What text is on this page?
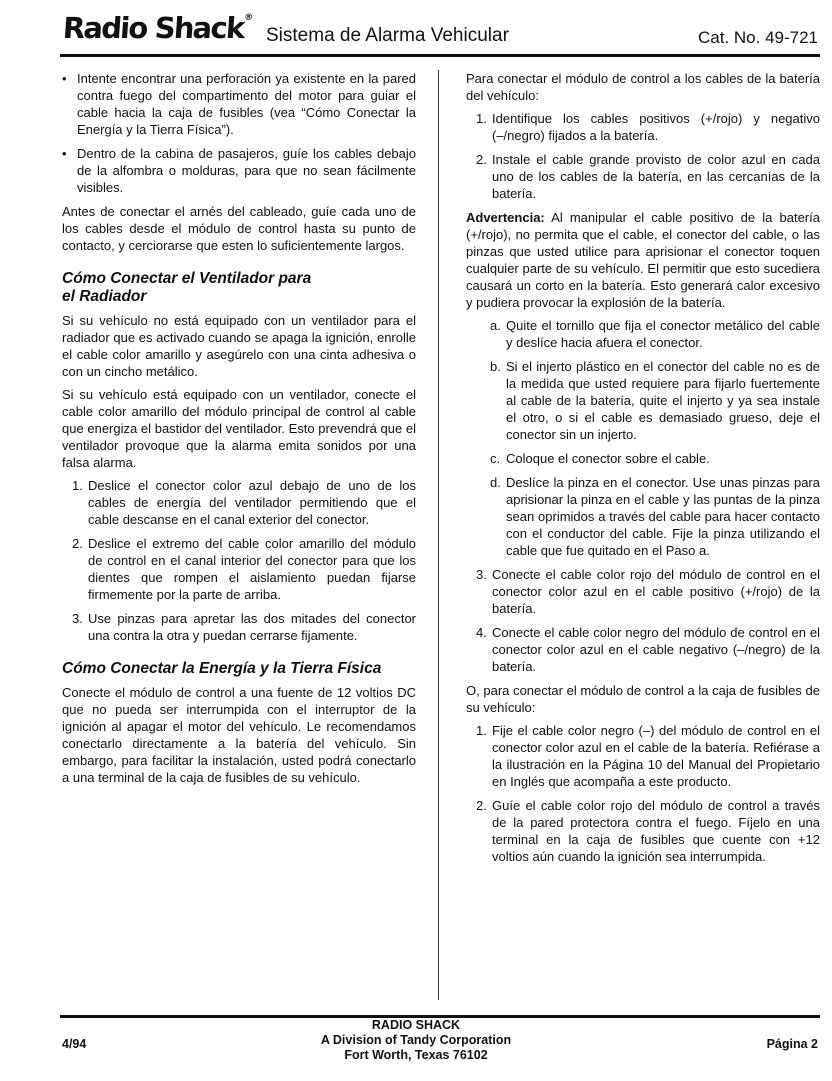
Radio Shack®
Sistema de Alarma Vehicular	Cat. No. 49-721
• Intente encontrar una perforación ya existente en la pared contra fuego del compartimento del motor para guiar el cable hacia la caja de fusibles (vea “Cómo Conectar la Energía y la Tierra Física”).
• Dentro de la cabina de pasajeros, guíe los cables debajo de la alfombra o molduras, para que no sean fácilmente visibles.

Antes de conectar el arnés del cableado, guíe cada uno de los cables desde el módulo de control hasta su punto de contacto, y cerciorarse que esten lo suficientemente largos.

Cómo Conectar el Ventilador para
el Radiador

Si su vehículo no está equipado con un ventilador para el radiador que es activado cuando se apaga la ignición, enrolle el cable color amarillo y asegúrelo con una cinta adhesiva o con un cincho metálico.

Si su vehículo está equipado con un ventilador, conecte el cable color amarillo del módulo principal de control al cable que energiza el bastidor del ventilador. Esto prevendrá que el ventilador provoque que la alarma emita sonidos por una falsa alarma.

1. Deslice el conector color azul debajo de uno de los cables de energía del ventilador permitiendo que el cable descanse en el canal exterior del conector.
2. Deslice el extremo del cable color amarillo del módulo de control en el canal interior del conector para que los dientes que rompen el aislamiento puedan fijarse firmemente por la parte de arriba.
3. Use pinzas para apretar las dos mitades del conector una contra la otra y puedan cerrarse fijamente.
Cómo Conectar la Energía y la Tierra Física

Conecte el módulo de control a una fuente de 12 voltios DC que no pueda ser interrumpida con el interruptor de la ignición al apagar el motor del vehículo. Le recomendamos conectarlo directamente a la batería del vehículo. Sin embargo, para facilitar la instalación, usted podrá conectarlo a una terminal de la caja de fusibles de su vehículo.

Para conectar el módulo de control a los cables de la batería del vehículo:

1. Identifique los cables positivos (+/rojo) y negativo (–/negro) fijados a la batería.
2. Instale el cable grande provisto de color azul en cada uno de los cables de la batería, en las cercanías de la batería.

Advertencia: Al manipular el cable positivo de la batería (+/rojo), no permita que el cable, el conector del cable, o las pinzas que usted utilice para aprisionar el conector toquen cualquier parte de su vehículo. El permitir que esto sucediera causará un corto en la batería. Esto generará calor excesivo y pudiera provocar la explosión de la batería.

a. Quite el tornillo que fija el conector metálico del cable y deslíce hacia afuera el conector.
b. Si el injerto plástico en el conector del cable no es de la medida que usted requiere para fijarlo fuertemente al cable de la batería, quite el injerto y ya sea instale el otro, o si el cable es demasiado grueso, deje el conector sin un injerto.
c. Coloque el conector sobre el cable.
d. Deslíce la pinza en el conector. Use unas pinzas para aprisionar la pinza en el cable y las puntas de la pinza sean oprimidos a través del cable para hacer contacto con el conductor del cable. Fije la pinza utilizando el cable que fue quitado en el Paso a.
3. Conecte el cable color rojo del módulo de control en el conector color azul en el cable positivo (+/rojo) de la batería.
4. Conecte el cable color negro del módulo de control en el conector color azul en el cable negativo (–/negro) de la batería.

O, para conectar el módulo de control a la caja de fusibles de su vehículo:

1. Fije el cable color negro (–) del módulo de control en el conector color azul en el cable de la batería. Refiérase a la ilustración en la Página 10 del Manual del Propietario en Inglés que acompaña a este producto.
2. Guíe el cable color rojo del módulo de control a través de la pared protectora contra el fuego. Fíjelo en una terminal en la caja de fusibles que cuente con +12 voltios aún cuando la ignición sea interrumpida.
4/94
RADIO SHACK
A Division of Tandy Corporation
Fort Worth, Texas 76102
Página 2
